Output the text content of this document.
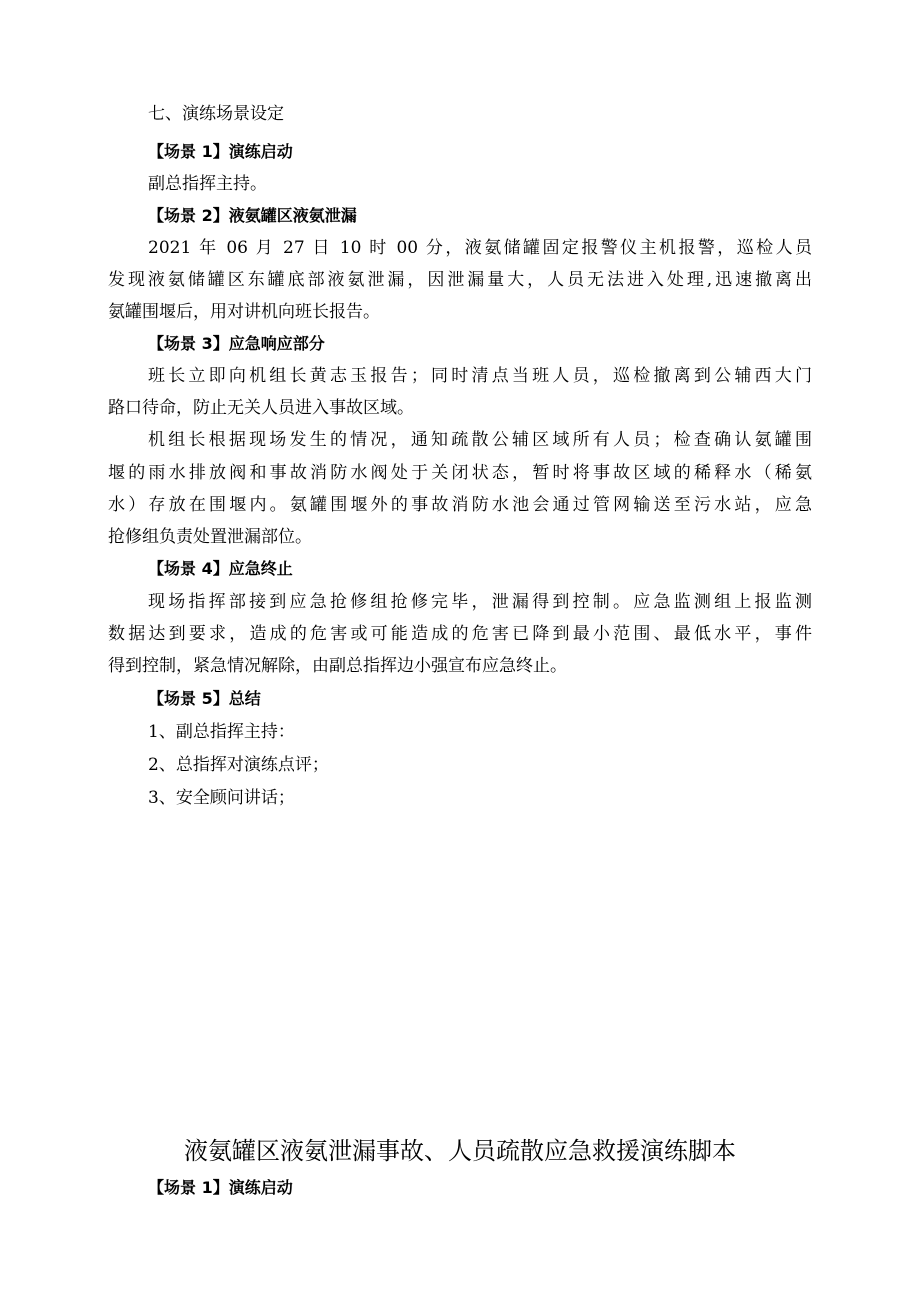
七、演练场景设定
【场景 1】演练启动
副总指挥主持。
【场景 2】液氨罐区液氨泄漏
2021 年 06 月 27 日 10 时 00 分，液氨储罐固定报警仪主机报警，巡检人员
发现液氨储罐区东罐底部液氨泄漏，因泄漏量大，人员无法进入处理,迅速撤离出
氨罐围堰后，用对讲机向班长报告。
【场景 3】应急响应部分
班长立即向机组长黄志玉报告；同时清点当班人员，巡检撤离到公辅西大门
路口待命，防止无关人员进入事故区域。
机组长根据现场发生的情况，通知疏散公辅区域所有人员；检查确认氨罐围
堰的雨水排放阀和事故消防水阀处于关闭状态，暂时将事故区域的稀释水（稀氨
水）存放在围堰内。氨罐围堰外的事故消防水池会通过管网输送至污水站，应急
抢修组负责处置泄漏部位。
【场景 4】应急终止
现场指挥部接到应急抢修组抢修完毕，泄漏得到控制。应急监测组上报监测
数据达到要求，造成的危害或可能造成的危害已降到最小范围、最低水平，事件
得到控制，紧急情况解除，由副总指挥边小强宣布应急终止。
【场景 5】总结
1、副总指挥主持：
2、总指挥对演练点评；
3、安全顾问讲话；
液氨罐区液氨泄漏事故、人员疏散应急救援演练脚本
【场景 1】演练启动
